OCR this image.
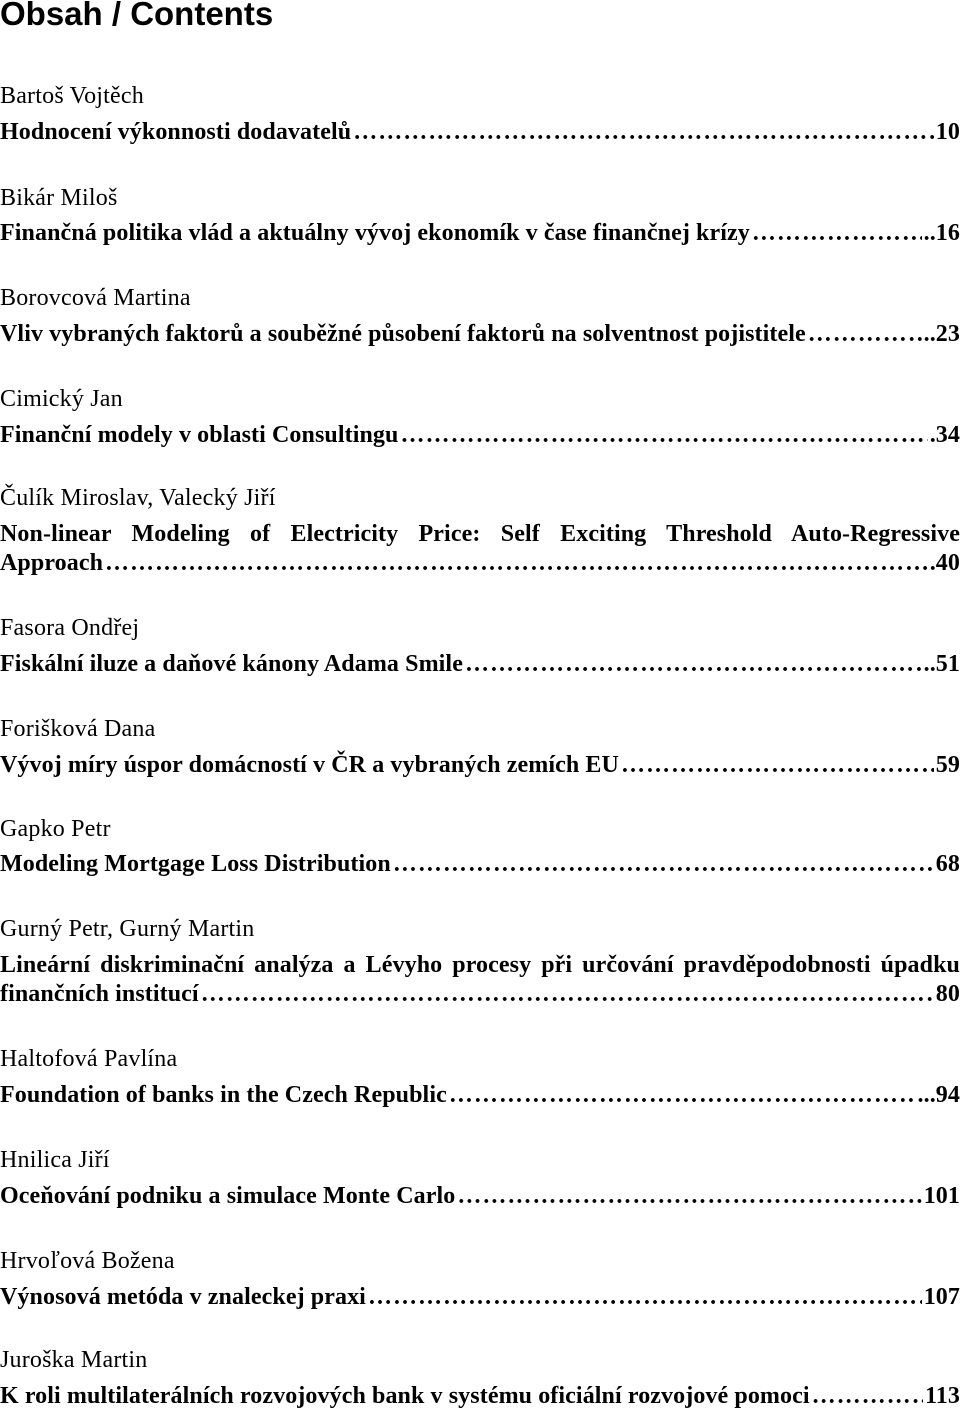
Obsah / Contents
Bartoš Vojtěch
Hodnocení výkonnosti dodavatelů …………………………………………………………………………………………………………………………………………………………………………………………………………	10
Bikár Miloš
Finančná politika vlád a aktuálny vývoj ekonomík v čase finančnej krízy …………………………………………………………………………………………………………………………………………………………………………………………………………	..16
Borovcová Martina
Vliv vybraných faktorů a souběžné působení faktorů na solventnost pojistitele …………………………………………………………………………………………………………………………………………………………………………………………………………	..23
Cimický Jan
Finanční modely v oblasti Consultingu …………………………………………………………………………………………………………………………………………………………………………………………………………	.34
Čulík Miroslav, Valecký Jiří
Non-linear Modeling of Electricity Price: Self Exciting Threshold Auto-Regressive
Approach …………………………………………………………………………………………………………………………………………………………………………………………………………	.40
Fasora Ondřej
Fiskální iluze a daňové kánony Adama Smile …………………………………………………………………………………………………………………………………………………………………………………………………………	..51
Forišková Dana
Vývoj míry úspor domácností v ČR a vybraných zemích EU …………………………………………………………………………………………………………………………………………………………………………………………………………	59
Gapko Petr
Modeling Mortgage Loss Distribution …………………………………………………………………………………………………………………………………………………………………………………………………………	68
Gurný Petr, Gurný Martin
Lineární diskriminační analýza a Lévyho procesy při určování pravděpodobnosti úpadku
finančních institucí …………………………………………………………………………………………………………………………………………………………………………………………………………	80
Haltofová Pavlína
Foundation of banks in the Czech Republic …………………………………………………………………………………………………………………………………………………………………………………………………………	...94
Hnilica Jiří
Oceňování podniku a simulace Monte Carlo …………………………………………………………………………………………………………………………………………………………………………………………………………	101
Hrvoľová Božena
Výnosová metóda v znaleckej praxi …………………………………………………………………………………………………………………………………………………………………………………………………………	107
Juroška Martin
K roli multilaterálních rozvojových bank v systému oficiální rozvojové pomoci …………………………………………………………………………………………………………………………………………………………………………………………………………	113
